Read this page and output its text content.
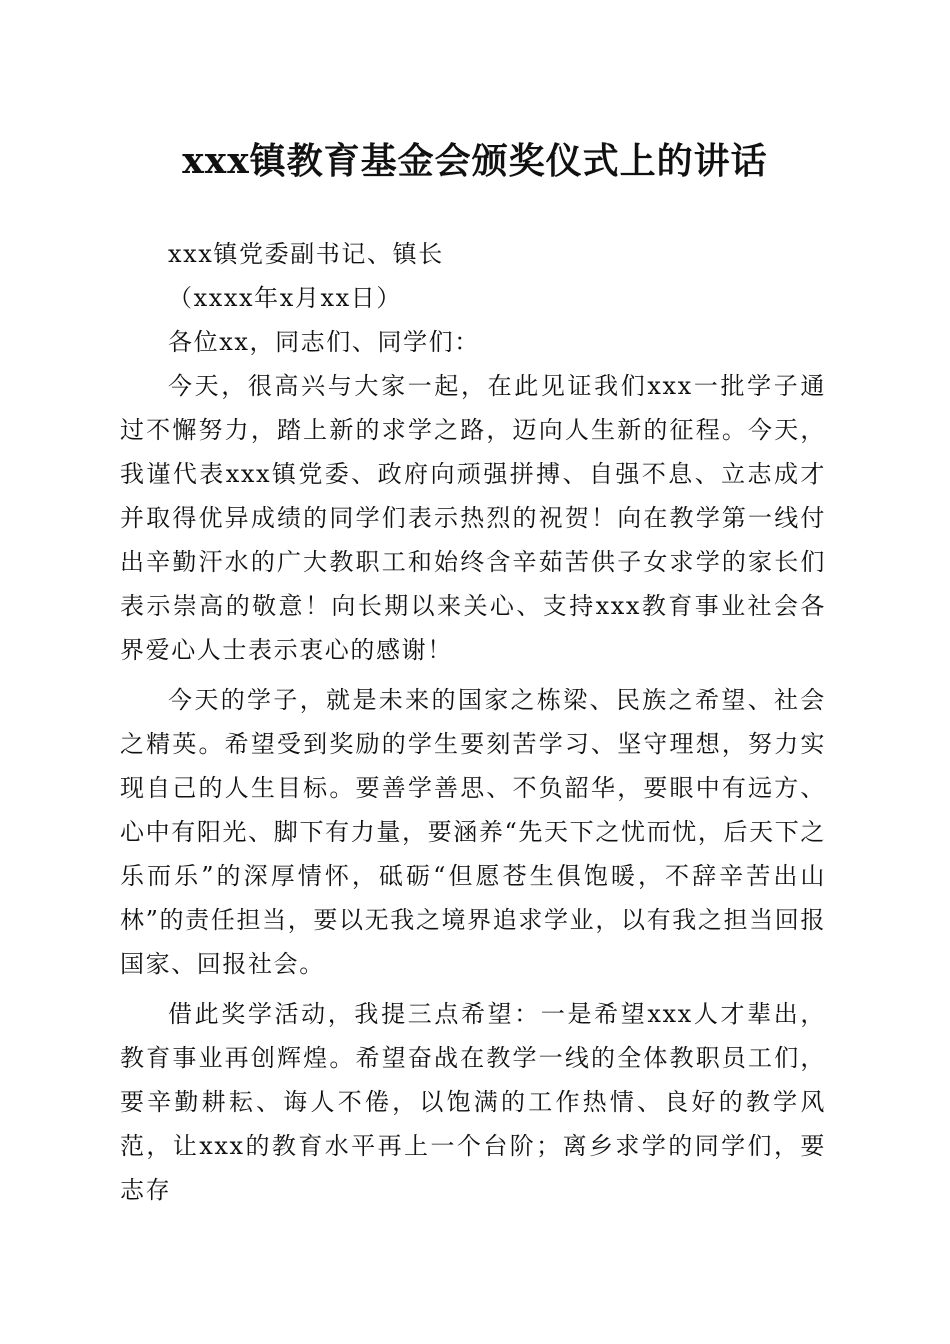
xxx镇教育基金会颁奖仪式上的讲话

xxx镇党委副书记、镇长

（xxxx年x月xx日）

各位xx，同志们、同学们：

今天，很高兴与大家一起，在此见证我们xxx一批学子通过不懈努力，踏上新的求学之路，迈向人生新的征程。今天，我谨代表xxx镇党委、政府向顽强拼搏、自强不息、立志成才并取得优异成绩的同学们表示热烈的祝贺！向在教学第一线付出辛勤汗水的广大教职工和始终含辛茹苦供子女求学的家长们表示崇高的敬意！向长期以来关心、支持xxx教育事业社会各界爱心人士表示衷心的感谢！

今天的学子，就是未来的国家之栋梁、民族之希望、社会之精英。希望受到奖励的学生要刻苦学习、坚守理想，努力实现自己的人生目标。要善学善思、不负韶华，要眼中有远方、心中有阳光、脚下有力量，要涵养“先天下之忧而忧，后天下之乐而乐”的深厚情怀，砥砺“但愿苍生俱饱暖，不辞辛苦出山林”的责任担当，要以无我之境界追求学业，以有我之担当回报国家、回报社会。

借此奖学活动，我提三点希望：一是希望xxx人才辈出，教育事业再创辉煌。希望奋战在教学一线的全体教职员工们，要辛勤耕耘、诲人不倦，以饱满的工作热情、良好的教学风范，让xxx的教育水平再上一个台阶；离乡求学的同学们，要志存
